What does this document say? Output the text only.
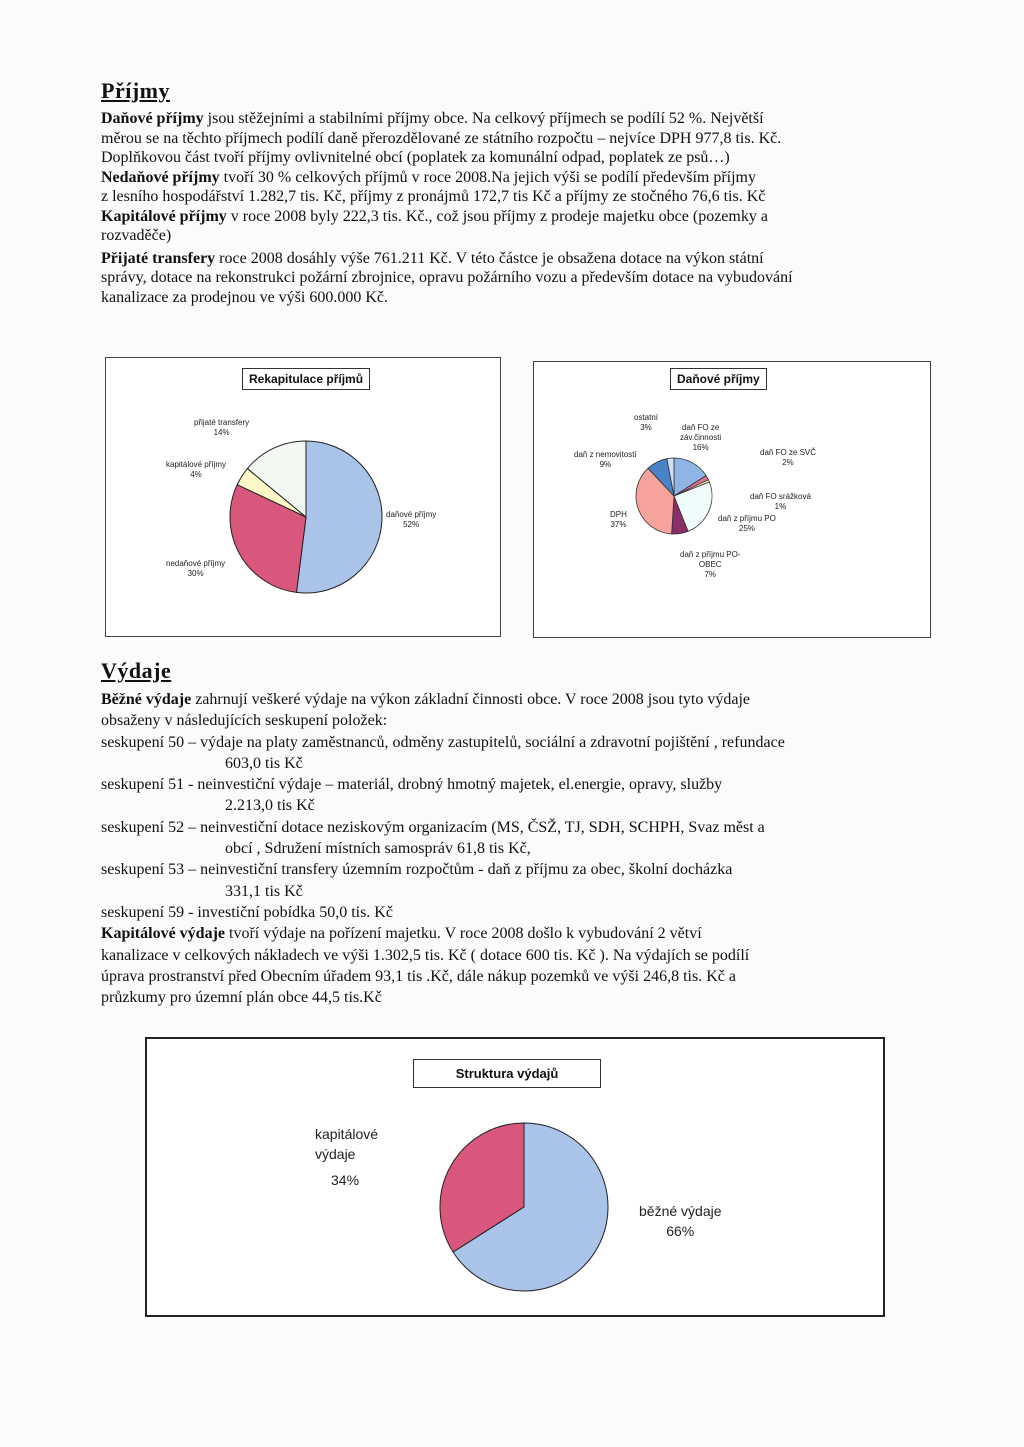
Příjmy
Daňové příjmy jsou stěžejními a stabilními příjmy obce. Na celkový příjmech se podílí 52 %. Největší
měrou se na těchto příjmech podílí daně přerozdělované ze státního rozpočtu – nejvíce DPH 977,8 tis. Kč.
Doplňkovou část tvoří příjmy ovlivnitelné obcí (poplatek za komunální odpad, poplatek ze psů…)
Nedaňové příjmy tvoří 30 % celkových příjmů v roce 2008.Na jejich výši se podílí především příjmy
z lesního hospodářství 1.282,7 tis. Kč, příjmy z pronájmů 172,7 tis Kč a příjmy ze stočného 76,6 tis. Kč
Kapitálové příjmy v roce 2008 byly 222,3 tis. Kč., což jsou příjmy z prodeje majetku obce (pozemky a
rozvaděče)
Přijaté transfery roce 2008 dosáhly výše 761.211 Kč. V této částce je obsažena dotace na výkon státní
správy, dotace na rekonstrukci požární zbrojnice, opravu požárního vozu a především dotace na vybudování
kanalizace za prodejnou ve výši 600.000 Kč.
Rekapitulace příjmů
přijaté transfery
14%
kapitálové příjmy
4%
daňové příjmy
52%
nedaňové příjmy
30%
Daňové příjmy
ostatní
3%	daň FO ze
záv.činnosti
16%
daň FO ze SVČ
2%
daň z nemovitostí
9%
daň FO srážková
1%
DPH
37%
daň z příjmu PO
25%
daň z příjmu PO-
OBEC
7%
Výdaje
Běžné výdaje zahrnují veškeré výdaje na výkon základní činnosti obce. V roce 2008 jsou tyto výdaje
obsaženy v následujících seskupení položek:
seskupení 50 – výdaje na platy zaměstnanců, odměny zastupitelů, sociální a zdravotní pojištění , refundace
603,0 tis Kč
seskupení 51 - neinvestiční výdaje – materiál, drobný hmotný majetek, el.energie, opravy, služby
2.213,0 tis Kč
seskupení 52 – neinvestiční dotace neziskovým organizacím (MS, ČSŽ, TJ, SDH, SCHPH, Svaz měst a
obcí , Sdružení místních samospráv 61,8 tis Kč,
seskupení 53 – neinvestiční transfery územním rozpočtům - daň z příjmu za obec, školní docházka
331,1 tis Kč
seskupení 59 - investiční pobídka 50,0 tis. Kč
Kapitálové výdaje tvoří výdaje na pořízení majetku. V roce 2008 došlo k vybudování 2 větví
kanalizace v celkových nákladech ve výši 1.302,5 tis. Kč ( dotace 600 tis. Kč ). Na výdajích se podílí
úprava prostranství před Obecním úřadem 93,1 tis .Kč, dále nákup pozemků ve výši 246,8 tis. Kč a
průzkumy pro územní plán obce 44,5 tis.Kč
Struktura výdajů
kapitálové
výdaje
34%
běžné výdaje
66%
